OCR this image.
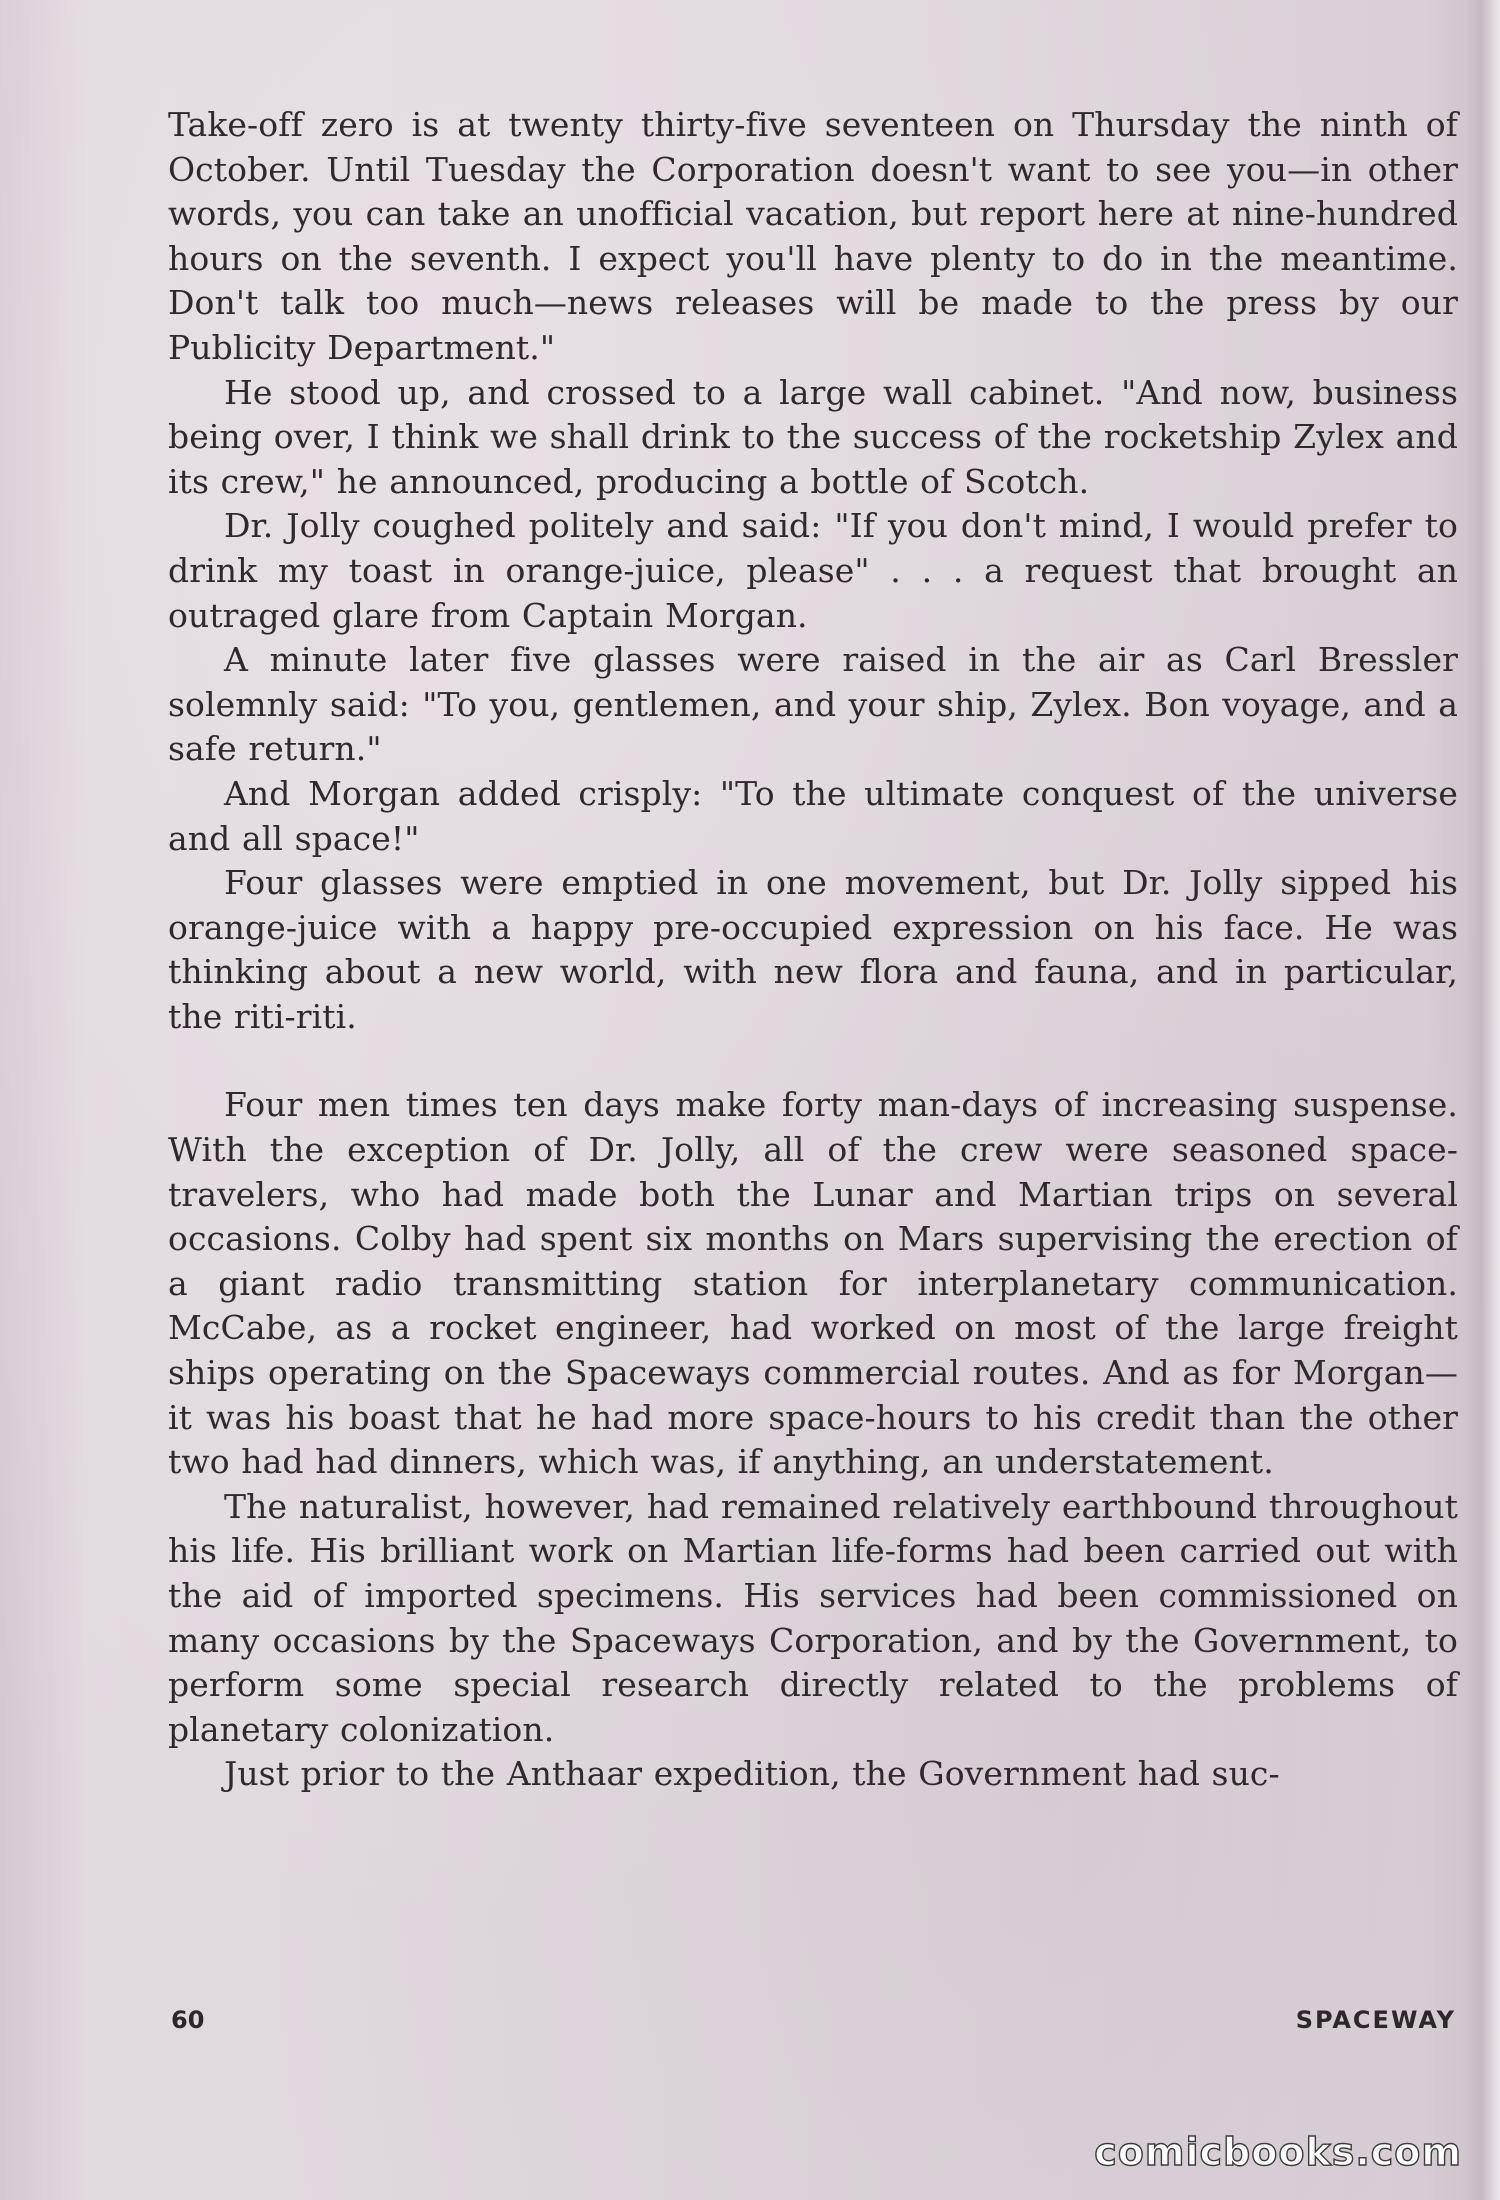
Take-off zero is at twenty thirty-five seventeen on Thursday the ninth of October. Until Tuesday the Corporation doesn't want to see you—in other words, you can take an unofficial vacation, but report here at nine-hundred hours on the seventh. I expect you'll have plenty to do in the meantime. Don't talk too much—news releases will be made to the press by our Publicity Department."

He stood up, and crossed to a large wall cabinet. "And now, business being over, I think we shall drink to the success of the rocketship Zylex and its crew," he announced, producing a bottle of Scotch.

Dr. Jolly coughed politely and said: "If you don't mind, I would prefer to drink my toast in orange-juice, please" . . . a request that brought an outraged glare from Captain Morgan.

A minute later five glasses were raised in the air as Carl Bressler solemnly said: "To you, gentlemen, and your ship, Zylex. Bon voyage, and a safe return."

And Morgan added crisply: "To the ultimate conquest of the universe and all space!"

Four glasses were emptied in one movement, but Dr. Jolly sipped his orange-juice with a happy pre-occupied expression on his face. He was thinking about a new world, with new flora and fauna, and in particular, the riti-riti.

Four men times ten days make forty man-days of increasing suspense. With the exception of Dr. Jolly, all of the crew were seasoned space-travelers, who had made both the Lunar and Martian trips on several occasions. Colby had spent six months on Mars supervising the erection of a giant radio transmitting station for interplanetary communication. McCabe, as a rocket engineer, had worked on most of the large freight ships operating on the Spaceways commercial routes. And as for Morgan—it was his boast that he had more space-hours to his credit than the other two had had dinners, which was, if anything, an understatement.

The naturalist, however, had remained relatively earthbound throughout his life. His brilliant work on Martian life-forms had been carried out with the aid of imported specimens. His services had been commissioned on many occasions by the Spaceways Corporation, and by the Government, to perform some special research directly related to the problems of planetary colonization.

Just prior to the Anthaar expedition, the Government had suc-

60	SPACEWAY
comicbooks.com
